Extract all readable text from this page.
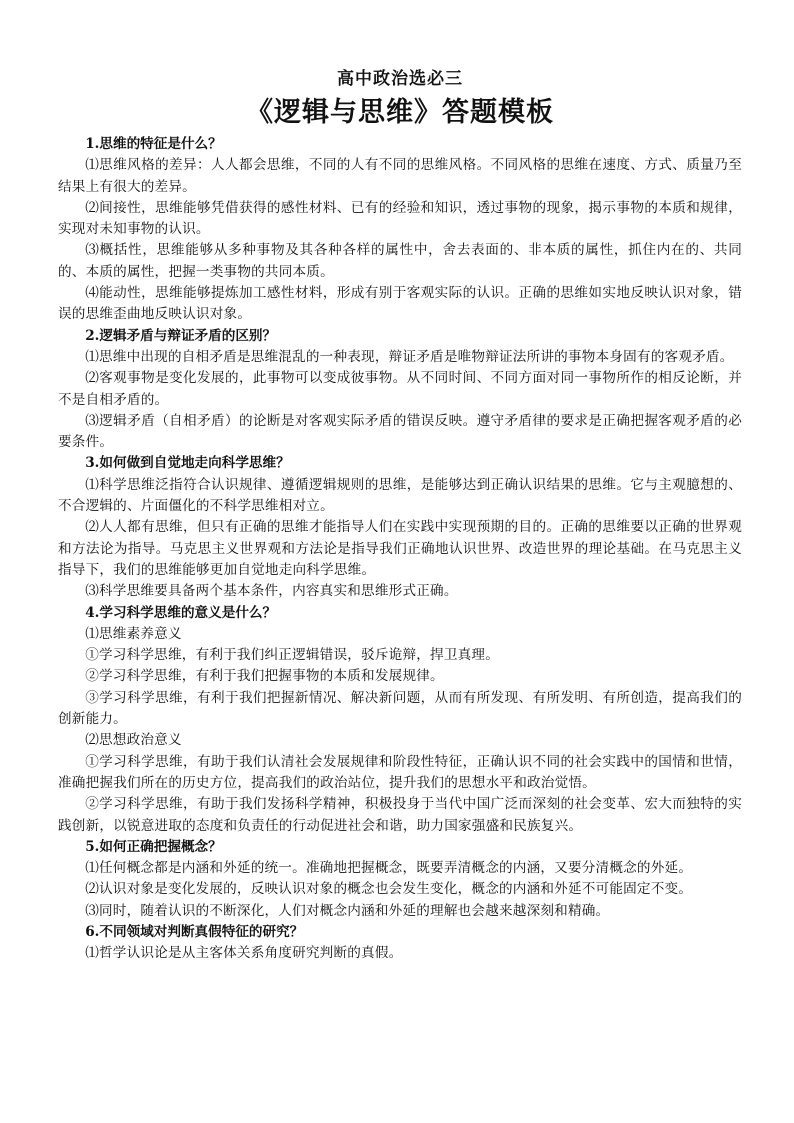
高中政治选必三

《逻辑与思维》答题模板

1.思维的特征是什么？

⑴思维风格的差异：人人都会思维，不同的人有不同的思维风格。不同风格的思维在速度、方式、质量乃至结果上有很大的差异。

⑵间接性，思维能够凭借获得的感性材料、已有的经验和知识，透过事物的现象，揭示事物的本质和规律，实现对未知事物的认识。

⑶概括性，思维能够从多种事物及其各种各样的属性中，舍去表面的、非本质的属性，抓住内在的、共同的、本质的属性，把握一类事物的共同本质。

⑷能动性，思维能够提炼加工感性材料，形成有别于客观实际的认识。正确的思维如实地反映认识对象，错误的思维歪曲地反映认识对象。

2.逻辑矛盾与辩证矛盾的区别？

⑴思维中出现的自相矛盾是思维混乱的一种表现，辩证矛盾是唯物辩证法所讲的事物本身固有的客观矛盾。

⑵客观事物是变化发展的，此事物可以变成彼事物。从不同时间、不同方面对同一事物所作的相反论断，并不是自相矛盾的。

⑶逻辑矛盾（自相矛盾）的论断是对客观实际矛盾的错误反映。遵守矛盾律的要求是正确把握客观矛盾的必要条件。

3.如何做到自觉地走向科学思维？

⑴科学思维泛指符合认识规律、遵循逻辑规则的思维，是能够达到正确认识结果的思维。它与主观臆想的、不合逻辑的、片面僵化的不科学思维相对立。

⑵人人都有思维，但只有正确的思维才能指导人们在实践中实现预期的目的。正确的思维要以正确的世界观和方法论为指导。马克思主义世界观和方法论是指导我们正确地认识世界、改造世界的理论基础。在马克思主义指导下，我们的思维能够更加自觉地走向科学思维。

⑶科学思维要具备两个基本条件，内容真实和思维形式正确。

4.学习科学思维的意义是什么？

⑴思维素养意义

①学习科学思维，有利于我们纠正逻辑错误，驳斥诡辩，捍卫真理。

②学习科学思维，有利于我们把握事物的本质和发展规律。

③学习科学思维，有利于我们把握新情况、解决新问题，从而有所发现、有所发明、有所创造，提高我们的创新能力。

⑵思想政治意义

①学习科学思维，有助于我们认清社会发展规律和阶段性特征，正确认识不同的社会实践中的国情和世情，准确把握我们所在的历史方位，提高我们的政治站位，提升我们的思想水平和政治觉悟。

②学习科学思维，有助于我们发扬科学精神，积极投身于当代中国广泛而深刻的社会变革、宏大而独特的实践创新，以锐意进取的态度和负责任的行动促进社会和谐，助力国家强盛和民族复兴。

5.如何正确把握概念？

⑴任何概念都是内涵和外延的统一。准确地把握概念，既要弄清概念的内涵，又要分清概念的外延。

⑵认识对象是变化发展的，反映认识对象的概念也会发生变化，概念的内涵和外延不可能固定不变。

⑶同时，随着认识的不断深化，人们对概念内涵和外延的理解也会越来越深刻和精确。

6.不同领域对判断真假特征的研究？

⑴哲学认识论是从主客体关系角度研究判断的真假。
